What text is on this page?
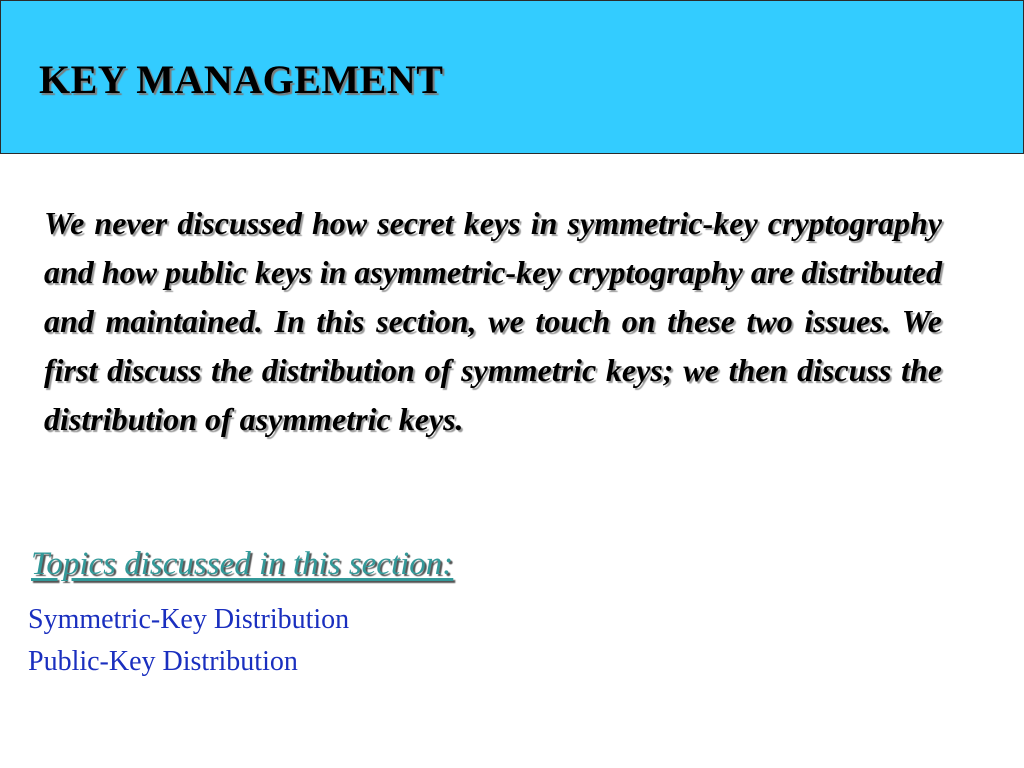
KEY MANAGEMENT

We never discussed how secret keys in symmetric-key cryptography and how public keys in asymmetric-key cryptography are distributed and maintained. In this section, we touch on these two issues. We first discuss the distribution of symmetric keys; we then discuss the distribution of asymmetric keys.

Topics discussed in this section:
Symmetric-Key Distribution
Public-Key Distribution
